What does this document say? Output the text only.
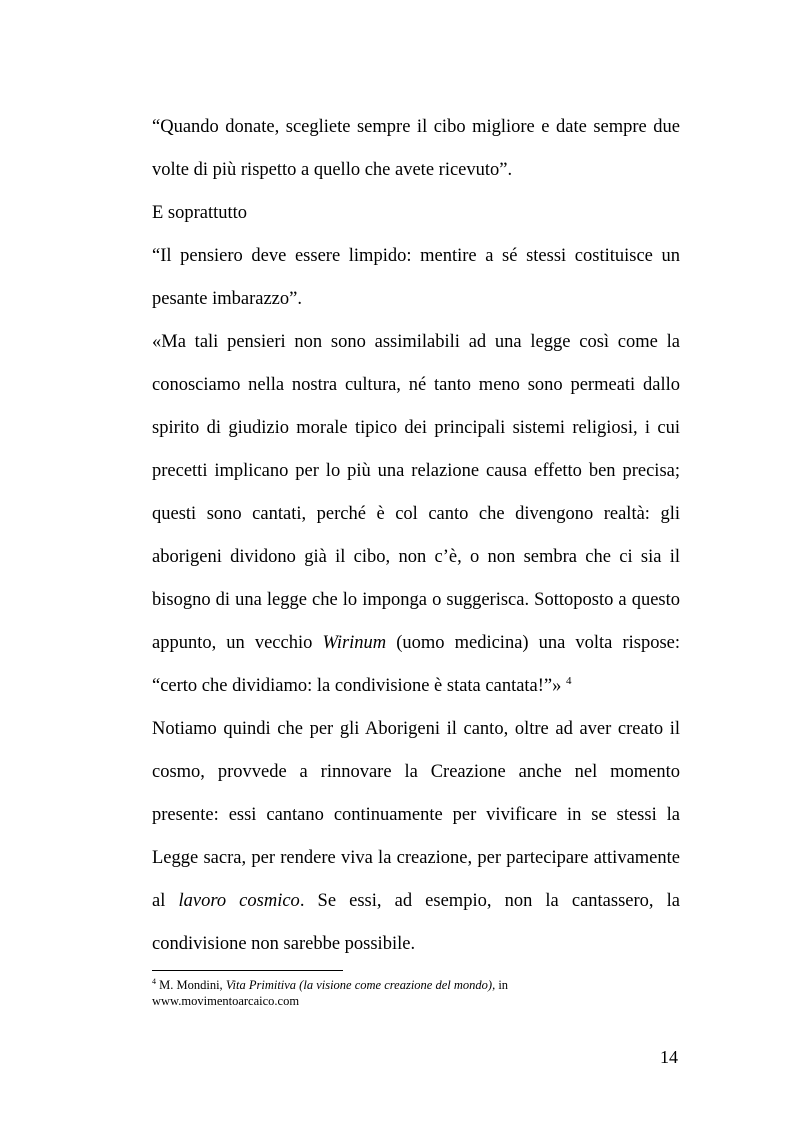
“Quando donate, scegliete sempre il cibo migliore e date sempre due
volte di più rispetto a quello che avete ricevuto”.
E soprattutto
“Il pensiero deve essere limpido: mentire a sé stessi costituisce un
pesante imbarazzo”.
«Ma tali pensieri non sono assimilabili ad una legge così come la
conosciamo nella nostra cultura, né tanto meno sono permeati dallo
spirito di giudizio morale tipico dei principali sistemi religiosi, i cui
precetti implicano per lo più una relazione causa effetto ben precisa;
questi sono cantati, perché è col canto che divengono realtà: gli
aborigeni dividono già il cibo, non c’è, o non sembra che ci sia il
bisogno di una legge che lo imponga o suggerisca. Sottoposto a questo
appunto, un vecchio Wirinum (uomo medicina) una volta rispose:
“certo che dividiamo: la condivisione è stata cantata!”» $^4$
Notiamo quindi che per gli Aborigeni il canto, oltre ad aver creato il
cosmo, provvede a rinnovare la Creazione anche nel momento
presente: essi cantano continuamente per vivificare in se stessi la
Legge sacra, per rendere viva la creazione, per partecipare attivamente
al lavoro cosmico. Se essi, ad esempio, non la cantassero, la
condivisione non sarebbe possibile.
$^4$ M. Mondini, Vita Primitiva (la visione come creazione del mondo), in
www.movimentoarcaico.com
14
